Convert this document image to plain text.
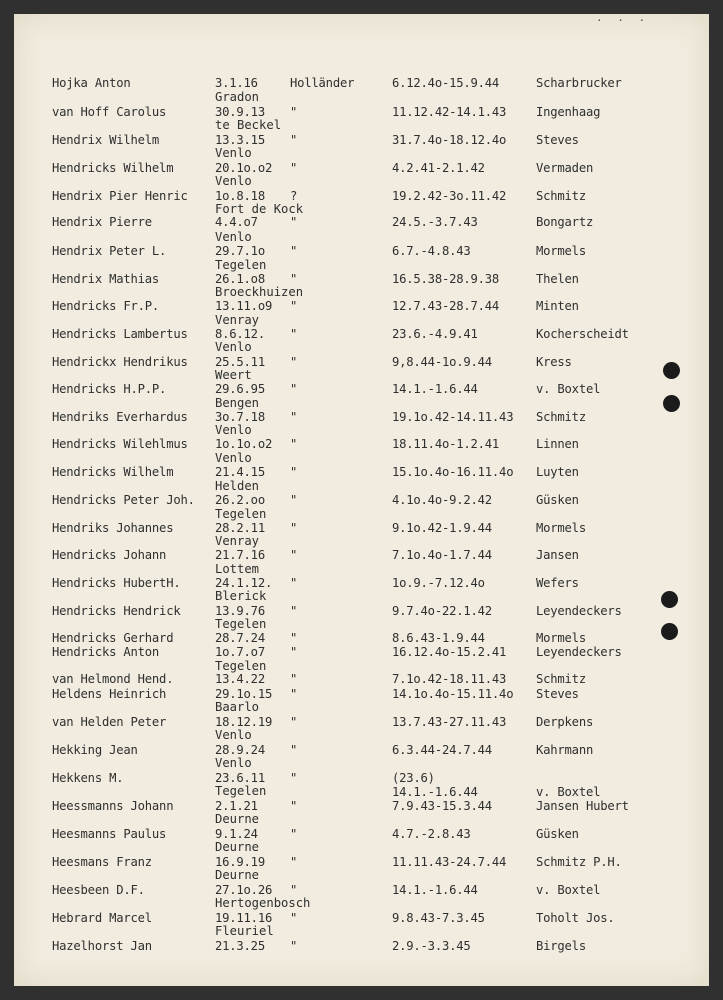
· · ·
Hojka Anton	3.1.16	Holländer	6.12.4o-15.9.44	Scharbrucker
Gradon
van Hoff Carolus	30.9.13 "	11.12.42-14.1.43 Ingenhaag
te Beckel
Hendrix Wilhelm	13.3.15 "	31.7.4o-18.12.4o Steves
Venlo
Hendricks Wilhelm	20.1o.o2 "	4.2.41-2.1.42	Vermaden
Venlo
Hendrix Pier Henric 1o.8.18 ?	19.2.42-3o.11.42 Schmitz
Fort de Kock
Hendrix Pierre	4.4.o7	"	24.5.-3.7.43	Bongartz
Venlo
Hendrix Peter L.	29.7.1o "	6.7.-4.8.43	Mormels
Tegelen
Hendrix Mathias	26.1.o8 "	16.5.38-28.9.38	Thelen
Broeckhuizen
Hendricks Fr.P.	13.11.o9 "	12.7.43-28.7.44	Minten
Venray
Hendricks Lambertus 8.6.12. "	23.6.-4.9.41	Kocherscheidt
Venlo
Hendrickx Hendrikus 25.5.11 "	9,8.44-1o.9.44	Kress
Weert
Hendricks H.P.P.	29.6.95 "	14.1.-1.6.44	v. Boxtel
Bengen
Hendriks Everhardus 3o.7.18 "	19.1o.42-14.11.43 Schmitz
Venlo
Hendricks Wilehlmus 1o.1o.o2 "	18.11.4o-1.2.41	Linnen
Venlo
Hendricks Wilhelm	21.4.15 "	15.1o.4o-16.11.4o Luyten
Helden
Hendricks Peter Joh. 26.2.oo "	4.1o.4o-9.2.42	Güsken
Tegelen
Hendriks Johannes	28.2.11 "	9.1o.42-1.9.44	Mormels
Venray
Hendricks Johann	21.7.16 "	7.1o.4o-1.7.44	Jansen
Lottem
Hendricks HubertH.	24.1.12. "	1o.9.-7.12.4o	Wefers
Blerick
Hendricks Hendrick	13.9.76 "	9.7.4o-22.1.42	Leyendeckers
Tegelen
Hendricks Gerhard	28.7.24 "	8.6.43-1.9.44	Mormels
Hendricks Anton	1o.7.o7 "	16.12.4o-15.2.41 Leyendeckers
Tegelen
van Helmond Hend.	13.4.22 "	7.1o.42-18.11.43 Schmitz
Heldens Heinrich	29.1o.15 "	14.1o.4o-15.11.4o Steves
Baarlo
van Helden Peter	18.12.19 "	13.7.43-27.11.43 Derpkens
Venlo
Hekking Jean	28.9.24 "	6.3.44-24.7.44	Kahrmann
Venlo
Hekkens M.	23.6.11 "	(23.6)
Tegelen	14.1.-1.6.44	v. Boxtel
Heessmanns Johann	2.1.21	"	7.9.43-15.3.44	Jansen Hubert
Deurne
Heesmanns Paulus	9.1.24	"	4.7.-2.8.43	Güsken
Deurne
Heesmans Franz	16.9.19 "	11.11.43-24.7.44 Schmitz P.H.
Deurne
Heesbeen D.F.	27.1o.26 "	14.1.-1.6.44	v. Boxtel
Hertogenbosch
Hebrard Marcel	19.11.16 "	9.8.43-7.3.45	Toholt Jos.
Fleuriel
Hazelhorst Jan	21.3.25 "	2.9.-3.3.45	Birgels
